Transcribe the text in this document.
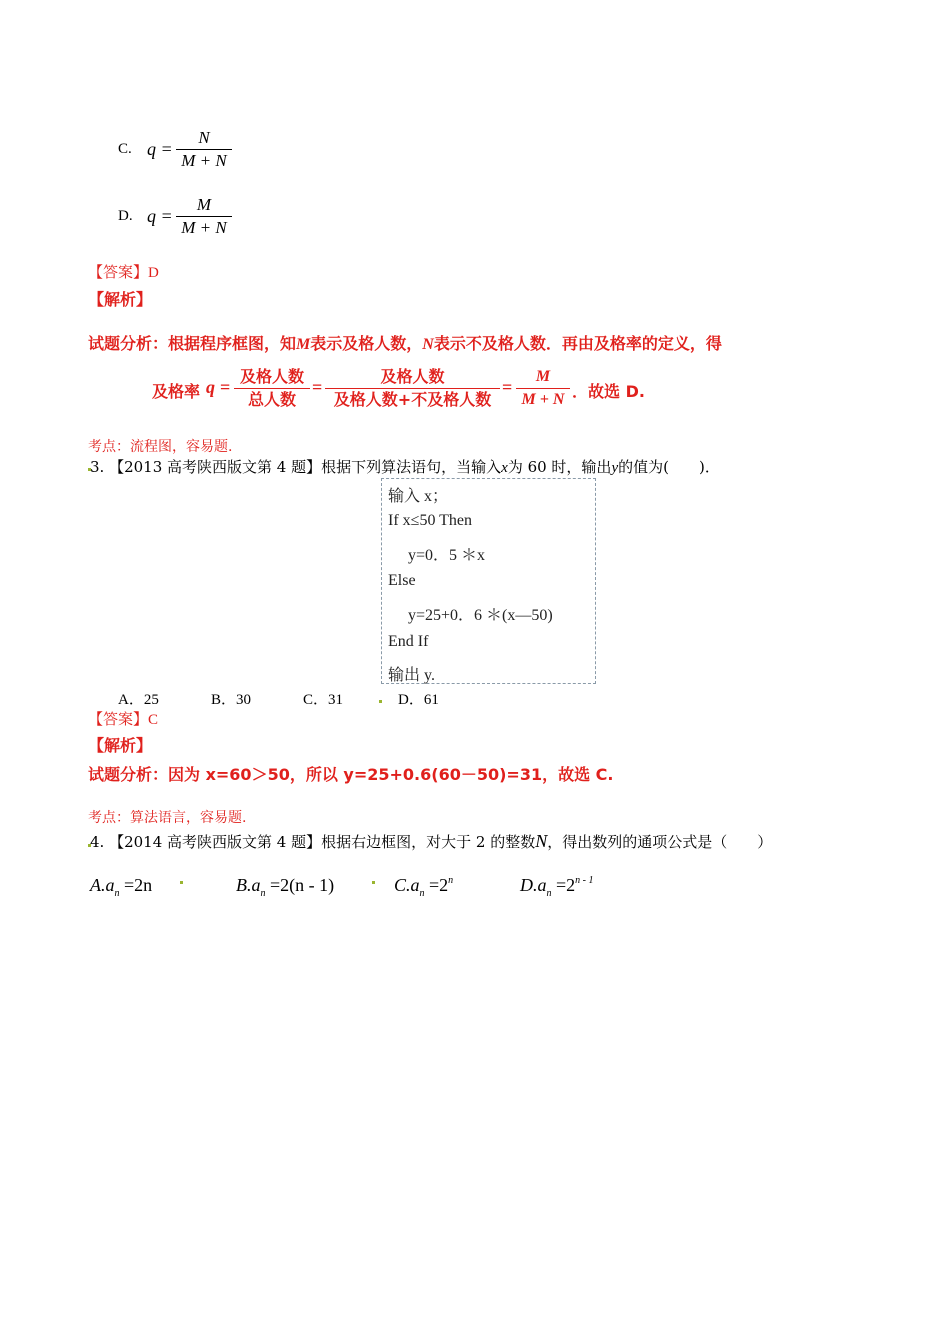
C. q =
N
M + N
D. q =
M
M + N
【答案】D
【解析】
试题分析：根据程序框图，知M表示及格人数，N表示不及格人数．再由及格率的定义，得
及格率 q =
及格人数
总人数
=
及格人数
及格人数+不及格人数
=
M
M + N ．故选 D.
考点：流程图，容易题.
3. 【2013 高考陕西版文第 4 题】根据下列算法语句，当输入x为 60 时，输出y的值为(　　)．
输入 x；
If x≤50 Then
y=0．5 ＊x
Else
y=25+0．6 ＊(x—50)
End If
输出 y.
A．25	B．30	C．31	D．61
【答案】C
【解析】
试题分析：因为 x=60＞50，所以 y=25+0.6(60－50)=31，故选 C.
考点：算法语言，容易题.
4. 【2014 高考陕西版文第 4 题】根据右边框图，对大于 2 的整数N，得出数列的通项公式是（　　）
$A.a_n =2n$	$B.a_n =2(n - 1)$	$C.a_n =2^n$	$D.a_n =2^{n - 1}$
